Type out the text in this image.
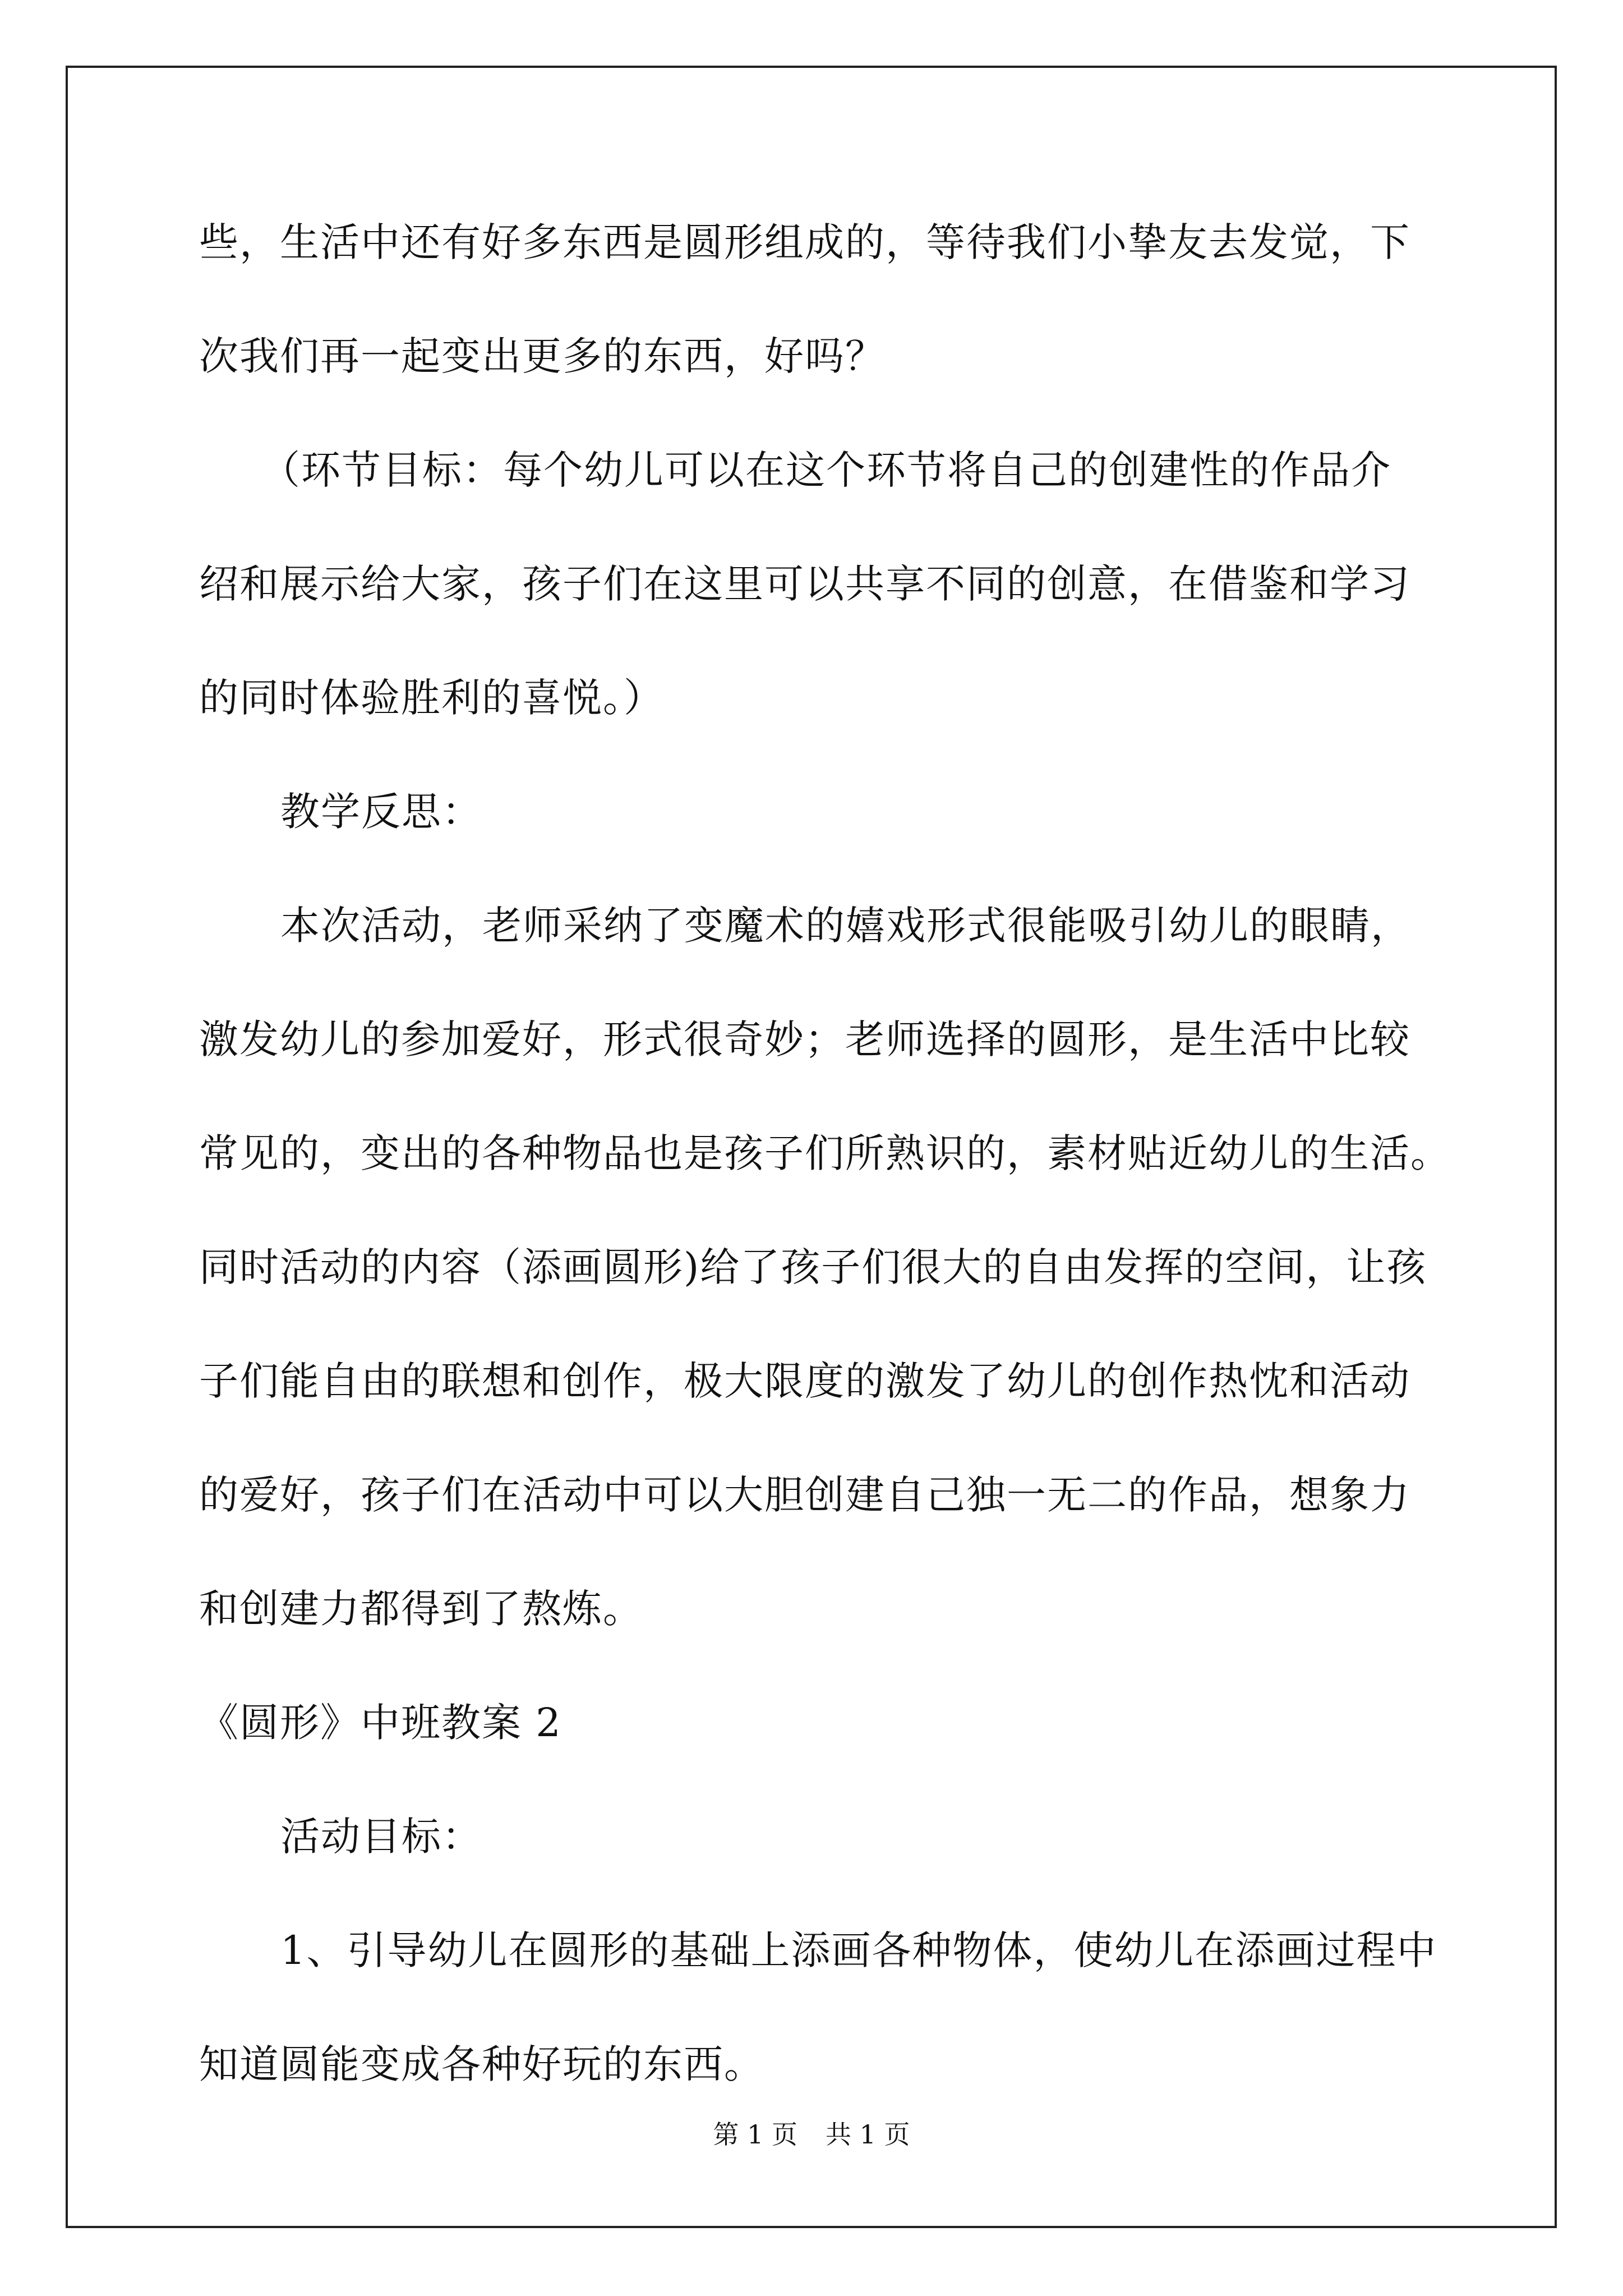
些，生活中还有好多东西是圆形组成的，等待我们小挚友去发觉，下
次我们再一起变出更多的东西，好吗？
（环节目标：每个幼儿可以在这个环节将自己的创建性的作品介
绍和展示给大家，孩子们在这里可以共享不同的创意，在借鉴和学习
的同时体验胜利的喜悦。）
教学反思：
本次活动，老师采纳了变魔术的嬉戏形式很能吸引幼儿的眼睛，
激发幼儿的参加爱好，形式很奇妙；老师选择的圆形，是生活中比较
常见的，变出的各种物品也是孩子们所熟识的，素材贴近幼儿的生活。
同时活动的内容（添画圆形)给了孩子们很大的自由发挥的空间，让孩
子们能自由的联想和创作，极大限度的激发了幼儿的创作热忱和活动
的爱好，孩子们在活动中可以大胆创建自己独一无二的作品，想象力
和创建力都得到了熬炼。
《圆形》中班教案 2
活动目标：
1、引导幼儿在圆形的基础上添画各种物体，使幼儿在添画过程中
知道圆能变成各种好玩的东西。
第 1 页 共 1 页
